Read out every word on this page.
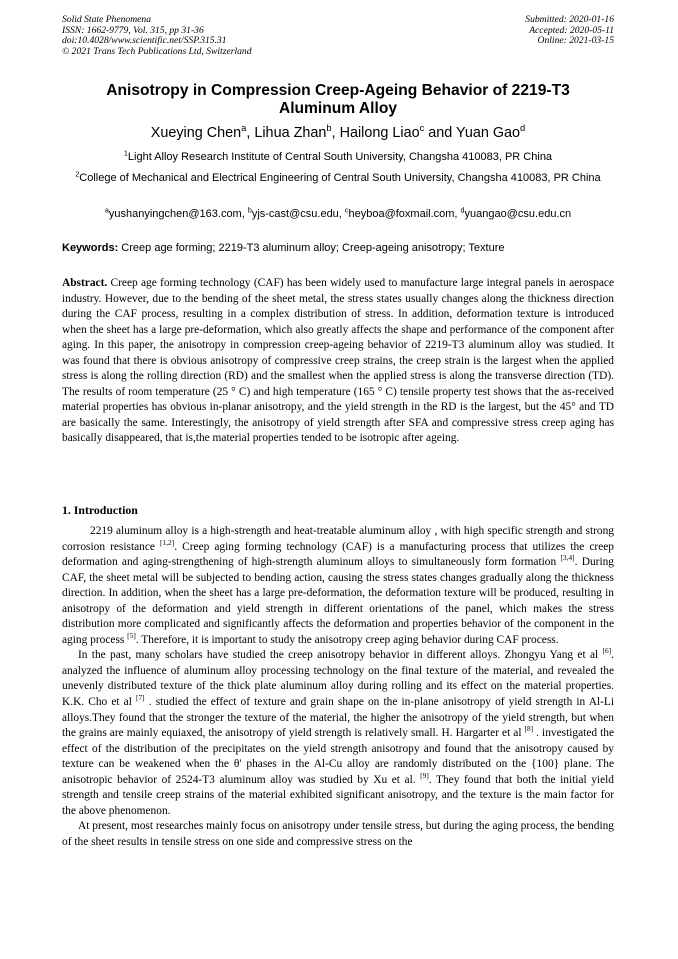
Solid State Phenomena
ISSN: 1662-9779, Vol. 315, pp 31-36
doi:10.4028/www.scientific.net/SSP.315.31
© 2021 Trans Tech Publications Ltd, Switzerland
Submitted: 2020-01-16
Accepted: 2020-05-11
Online: 2021-03-15
Anisotropy in Compression Creep-Ageing Behavior of 2219-T3
Aluminum Alloy
Xueying Chen$^a$, Lihua Zhan$^b$, Hailong Liao$^c$ and Yuan Gao$^d$
$^1$Light Alloy Research Institute of Central South University, Changsha 410083, PR China
$^2$College of Mechanical and Electrical Engineering of Central South University, Changsha 410083, PR China
$^a$yushanyingchen@163.com, $^b$yjs-cast@csu.edu, $^c$heyboa@foxmail.com, $^d$yuangao@csu.edu.cn
Keywords: Creep age forming; 2219-T3 aluminum alloy; Creep-ageing anisotropy; Texture
Abstract. Creep age forming technology (CAF) has been widely used to manufacture large integral panels in aerospace industry. However, due to the bending of the sheet metal, the stress states usually changes along the thickness direction during the CAF process, resulting in a complex distribution of stress. In addition, deformation texture is introduced when the sheet has a large pre-deformation, which also greatly affects the shape and performance of the component after aging. In this paper, the anisotropy in compression creep-ageing behavior of 2219-T3 aluminum alloy was studied. It was found that there is obvious anisotropy of compressive creep strains, the creep strain is the largest when the applied stress is along the rolling direction (RD) and the smallest when the applied stress is along the transverse direction (TD). The results of room temperature (25 ° C) and high temperature (165 ° C) tensile property test shows that the as-received material properties has obvious in-planar anisotropy, and the yield strength in the RD is the largest, but the 45° and TD are basically the same. Interestingly, the anisotropy of yield strength after SFA and compressive stress creep aging has basically disappeared, that is,the material properties tended to be isotropic after ageing.
1. Introduction

2219 aluminum alloy is a high-strength and heat-treatable aluminum alloy , with high specific strength and strong corrosion resistance [1,2]. Creep aging forming technology (CAF) is a manufacturing process that utilizes the creep deformation and aging-strengthening of high-strength aluminum alloys to simultaneously form formation [3,4]. During CAF, the sheet metal will be subjected to bending action, causing the stress states changes gradually along the thickness direction. In addition, when the sheet has a large pre-deformation, the deformation texture will be produced, resulting in anisotropy of the deformation and yield strength in different orientations of the panel, which makes the stress distribution more complicated and significantly affects the deformation and properties behavior of the component in the aging process [5]. Therefore, it is important to study the anisotropy creep aging behavior during CAF process.

In the past, many scholars have studied the creep anisotropy behavior in different alloys. Zhongyu Yang et al [6]. analyzed the influence of aluminum alloy processing technology on the final texture of the material, and revealed the unevenly distributed texture of the thick plate aluminum alloy during rolling and its effect on the material properties. K.K. Cho et al [7] . studied the effect of texture and grain shape on the in-plane anisotropy of yield strength in Al-Li alloys.They found that the stronger the texture of the material, the higher the anisotropy of the yield strength, but when the grains are mainly equiaxed, the anisotropy of yield strength is relatively small. H. Hargarter et al [8] . investigated the effect of the distribution of the precipitates on the yield strength anisotropy and found that the anisotropy caused by texture can be weakened when the θ' phases in the Al-Cu alloy are randomly distributed on the {100} plane. The anisotropic behavior of 2524-T3 aluminum alloy was studied by Xu et al. [9]. They found that both the initial yield strength and tensile creep strains of the material exhibited significant anisotropy, and the texture is the main factor for the above phenomenon.

At present, most researches mainly focus on anisotropy under tensile stress, but during the aging process, the bending of the sheet results in tensile stress on one side and compressive stress on the
